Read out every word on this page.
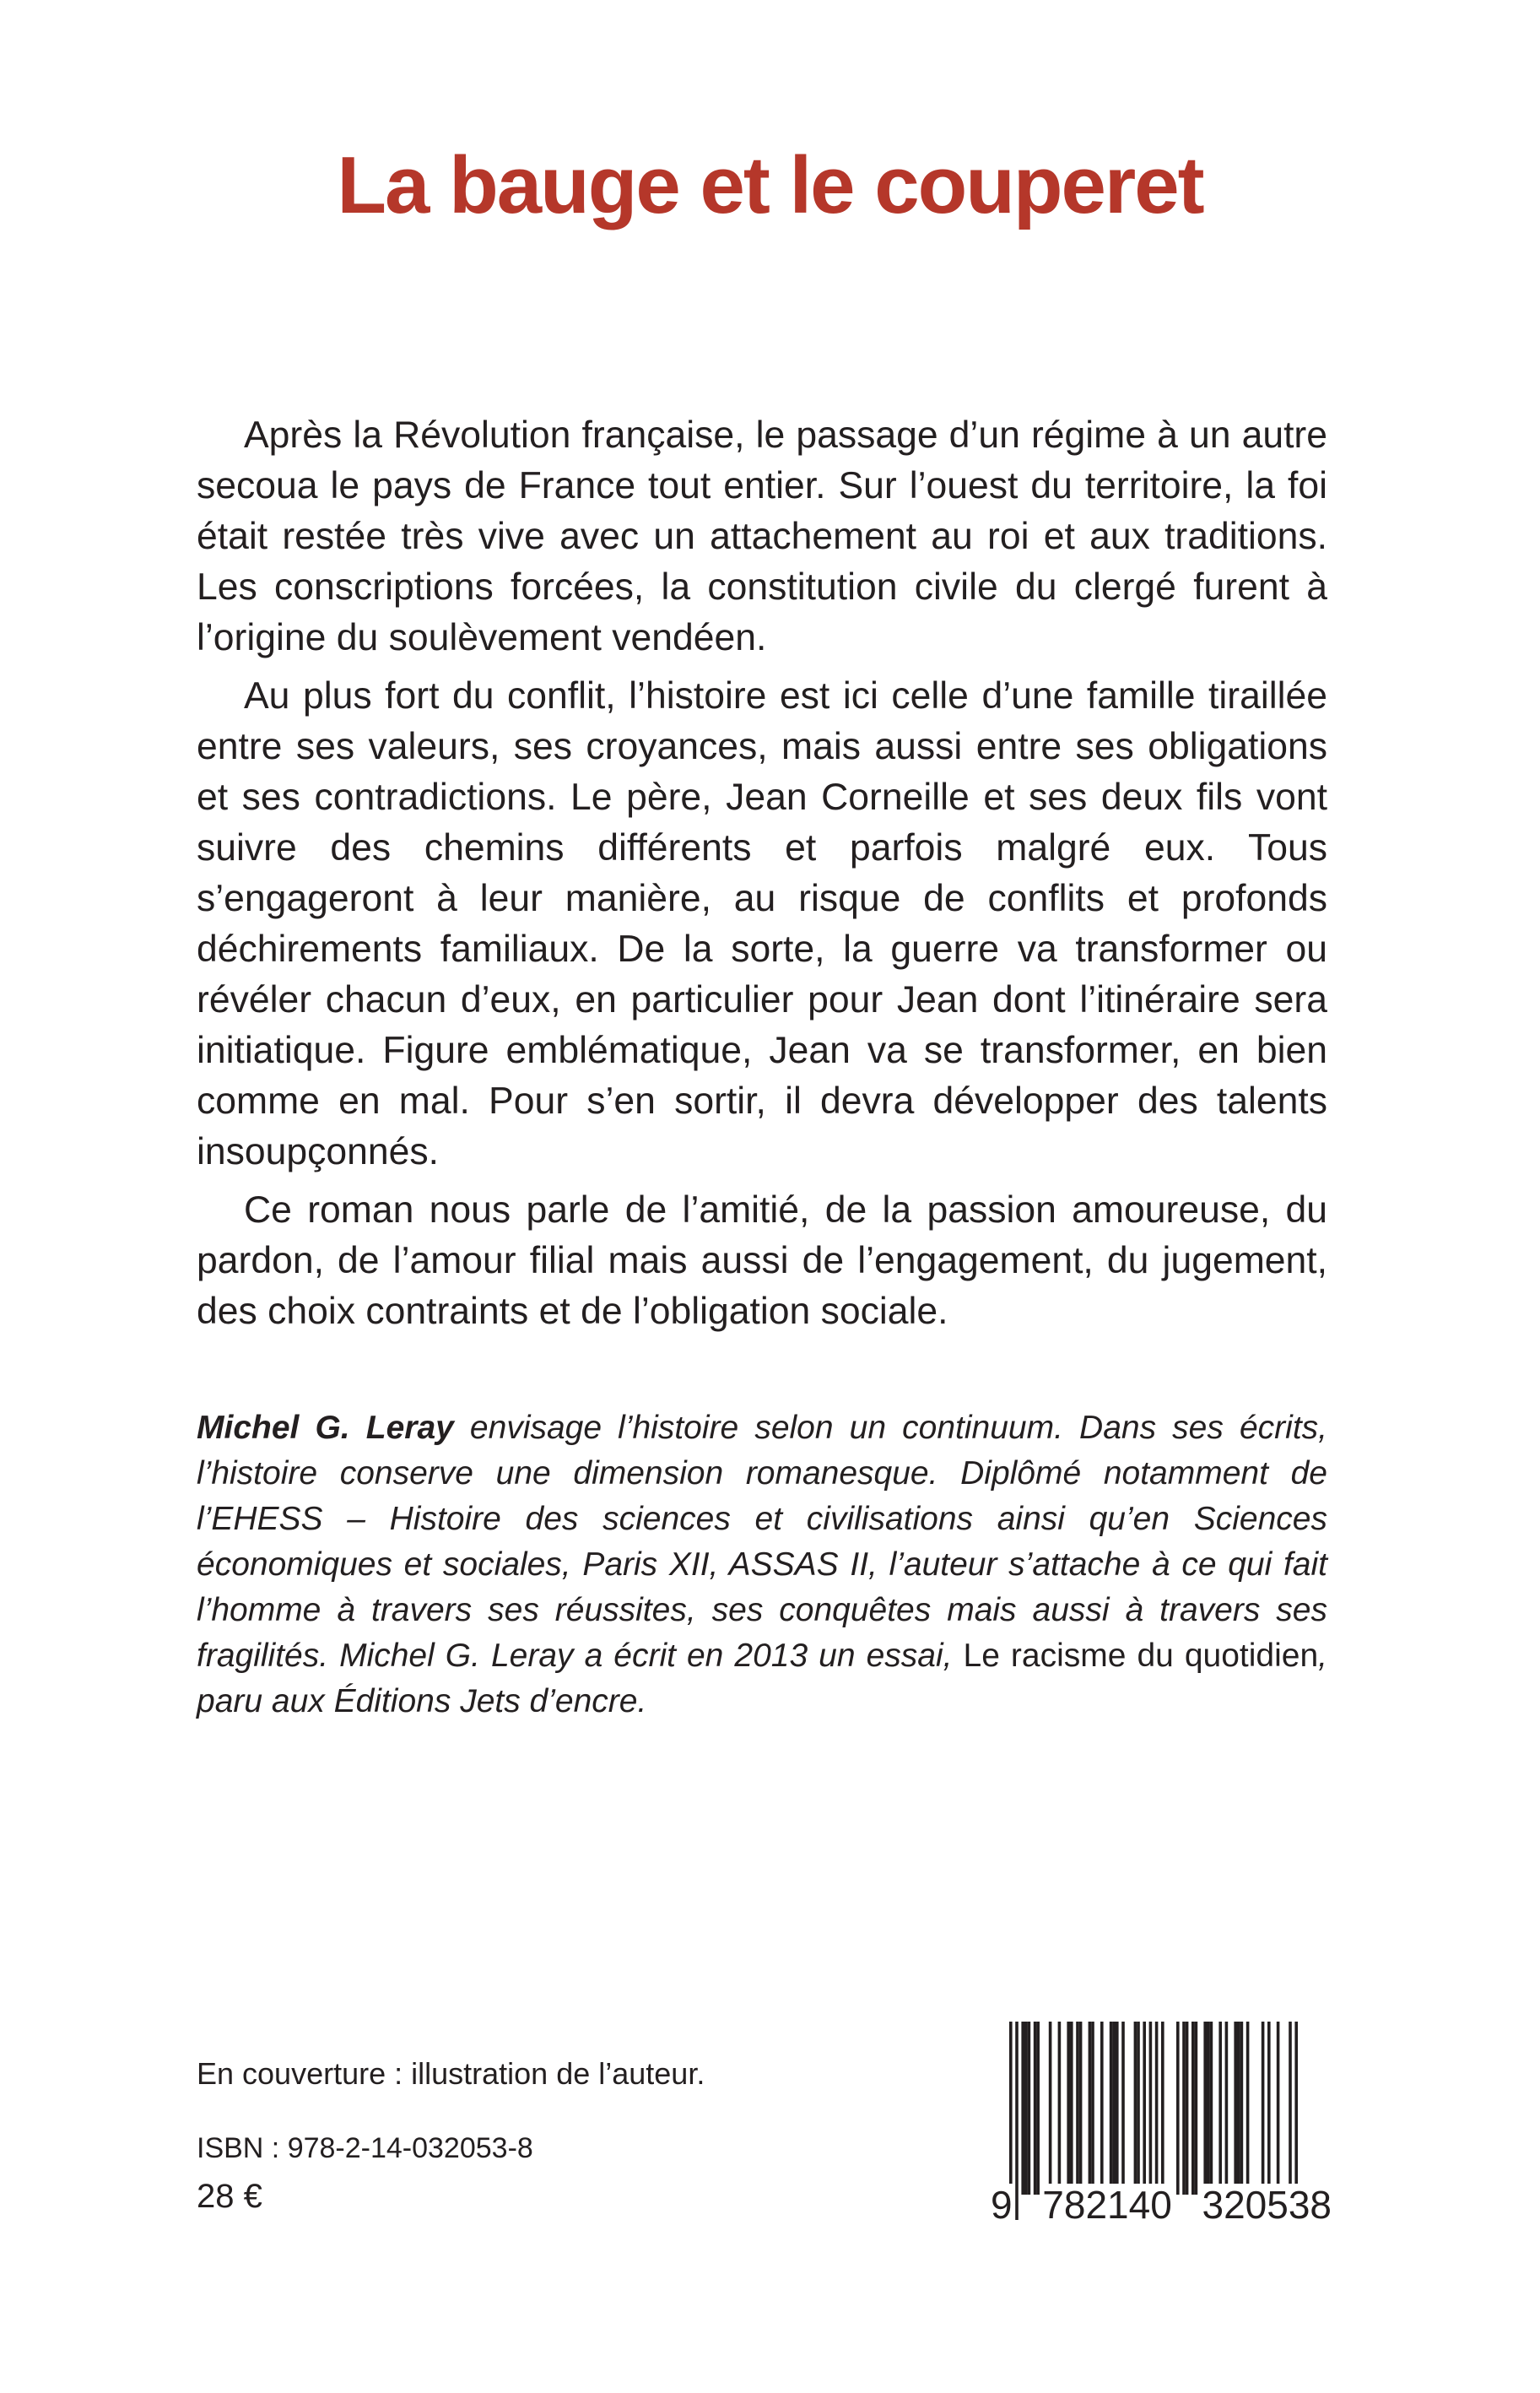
La bauge et le couperet

Après la Révolution française, le passage d’un régime à un autre secoua le pays de France tout entier. Sur l’ouest du territoire, la foi était restée très vive avec un attachement au roi et aux traditions. Les conscriptions forcées, la constitution civile du clergé furent à l’origine du soulèvement vendéen.

Au plus fort du conflit, l’histoire est ici celle d’une famille tiraillée entre ses valeurs, ses croyances, mais aussi entre ses obligations et ses contradictions. Le père, Jean Corneille et ses deux fils vont suivre des chemins différents et parfois malgré eux. Tous s’engageront à leur manière, au risque de conflits et profonds déchirements familiaux. De la sorte, la guerre va transformer ou révéler chacun d’eux, en particulier pour Jean dont l’itinéraire sera initiatique. Figure emblématique, Jean va se transformer, en bien comme en mal. Pour s’en sortir, il devra développer des talents insoupçonnés.

Ce roman nous parle de l’amitié, de la passion amoureuse, du pardon, de l’amour filial mais aussi de l’engagement, du jugement, des choix contraints et de l’obligation sociale.

Michel G. Leray envisage l’histoire selon un continuum. Dans ses écrits, l’histoire conserve une dimension romanesque. Diplômé notamment de l’EHESS – Histoire des sciences et civilisations ainsi qu’en Sciences économiques et sociales, Paris XII, ASSAS II, l’auteur s’attache à ce qui fait l’homme à travers ses réussites, ses conquêtes mais aussi à travers ses fragilités. Michel G. Leray a écrit en 2013 un essai, Le racisme du quotidien, paru aux Éditions Jets d’encre.

En couverture : illustration de l’auteur.
ISBN : 978-2-14-032053-8
28 €	9 782140 320538
